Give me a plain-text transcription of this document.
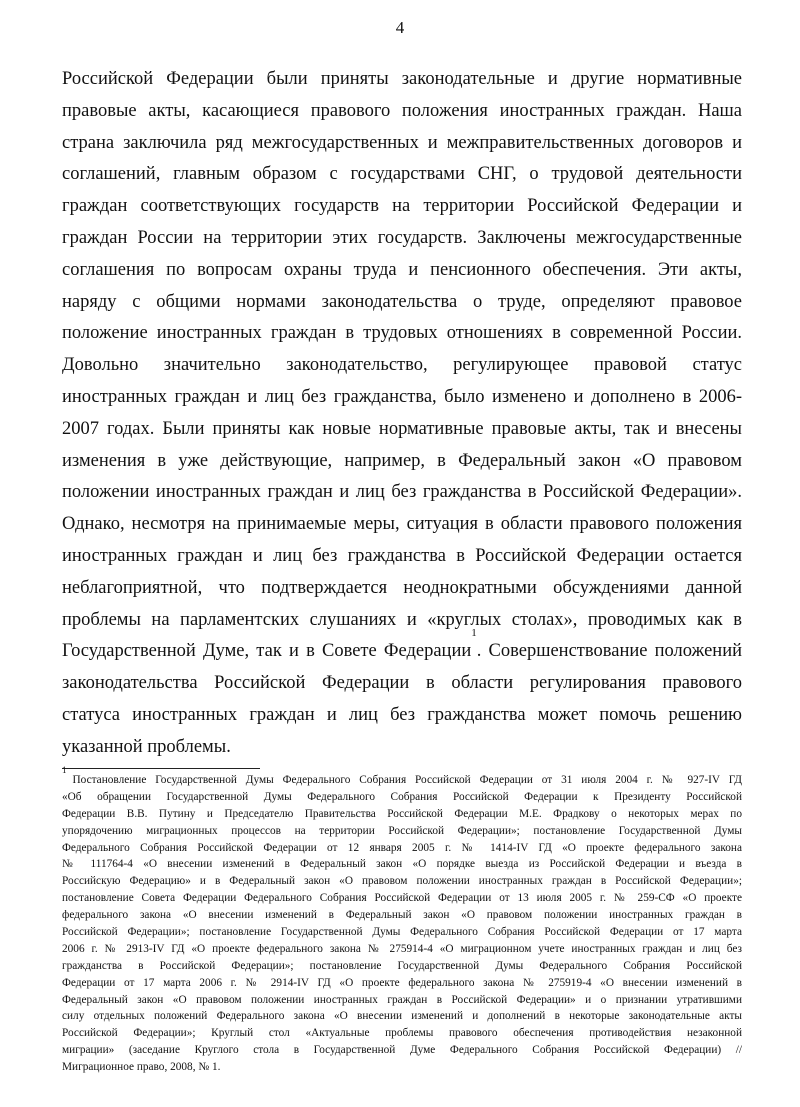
4
Российской Федерации были приняты законодательные и другие нормативные
правовые акты, касающиеся правового положения иностранных граждан. Наша
страна заключила ряд межгосударственных и межправительственных договоров и
соглашений, главным образом с государствами СНГ, о трудовой деятельности
граждан соответствующих государств на территории Российской Федерации и
граждан России на территории этих государств. Заключены межгосударственные
соглашения по вопросам охраны труда и пенсионного обеспечения. Эти акты,
наряду с общими нормами законодательства о труде, определяют правовое
положение иностранных граждан в трудовых отношениях в современной России.
Довольно значительно законодательство, регулирующее правовой статус
иностранных граждан и лиц без гражданства, было изменено и дополнено в 2006-
2007 годах. Были приняты как новые нормативные правовые акты, так и внесены
изменения в уже действующие, например, в Федеральный закон «О правовом
положении иностранных граждан и лиц без гражданства в Российской Федерации».
Однако, несмотря на принимаемые меры, ситуация в области правового положения
иностранных граждан и лиц без гражданства в Российской Федерации остается
неблагоприятной, что подтверждается неоднократными обсуждениями данной
проблемы на парламентских слушаниях и «круглых столах», проводимых как в
Государственной Думе, так и в Совете Федерации$^1$. Совершенствование положений
законодательства Российской Федерации в области регулирования правового
статуса иностранных граждан и лиц без гражданства может помочь решению
указанной проблемы.
$^1$Постановление Государственной Думы Федерального Собрания Российской Федерации от 31 июля 2004 г. № 927-IV ГД
«Об обращении Государственной Думы Федерального Собрания Российской Федерации к Президенту Российской
Федерации В.В. Путину и Председателю Правительства Российской Федерации М.Е. Фрадкову о некоторых мерах по
упорядочению миграционных процессов на территории Российской Федерации»; постановление Государственной Думы
Федерального Собрания Российской Федерации от 12 января 2005 г. № 1414-IV ГД «О проекте федерального закона
№ 111764-4 «О внесении изменений в Федеральный закон «О порядке выезда из Российской Федерации и въезда в
Российскую Федерацию» и в Федеральный закон «О правовом положении иностранных граждан в Российской Федерации»;
постановление Совета Федерации Федерального Собрания Российской Федерации от 13 июля 2005 г. № 259-СФ «О проекте
федерального закона «О внесении изменений в Федеральный закон «О правовом положении иностранных граждан в
Российской Федерации»; постановление Государственной Думы Федерального Собрания Российской Федерации от 17 марта
2006 г. № 2913-IV ГД «О проекте федерального закона № 275914-4 «О миграционном учете иностранных граждан и лиц без
гражданства в Российской Федерации»; постановление Государственной Думы Федерального Собрания Российской
Федерации от 17 марта 2006 г. № 2914-IV ГД «О проекте федерального закона № 275919-4 «О внесении изменений в
Федеральный закон «О правовом положении иностранных граждан в Российской Федерации» и о признании утратившими
силу отдельных положений Федерального закона «О внесении изменений и дополнений в некоторые законодательные акты
Российской Федерации»; Круглый стол «Актуальные проблемы правового обеспечения противодействия незаконной
миграции» (заседание Круглого стола в Государственной Думе Федерального Собрания Российской Федерации) //
Миграционное право, 2008, № 1.
